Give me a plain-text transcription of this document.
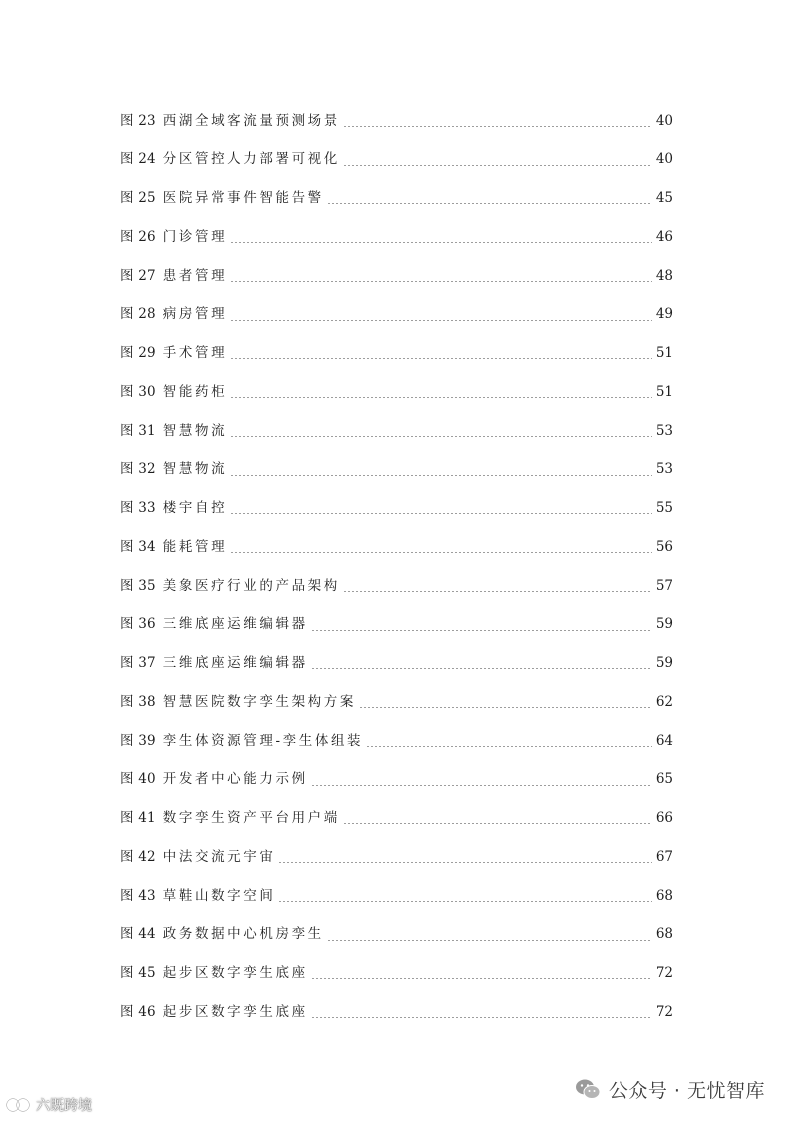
图 23 西湖全域客流量预测场景	40
图 24 分区管控人力部署可视化	40
图 25 医院异常事件智能告警	45
图 26 门诊管理	46
图 27 患者管理	48
图 28 病房管理	49
图 29 手术管理	51
图 30 智能药柜	51
图 31 智慧物流	53
图 32 智慧物流	53
图 33 楼宇自控	55
图 34 能耗管理	56
图 35 美象医疗行业的产品架构	57
图 36 三维底座运维编辑器	59
图 37 三维底座运维编辑器	59
图 38 智慧医院数字孪生架构方案	62
图 39 孪生体资源管理-孪生体组装	64
图 40 开发者中心能力示例	65
图 41 数字孪生资产平台用户端	66
图 42 中法交流元宇宙	67
图 43 草鞋山数字空间	68
图 44 政务数据中心机房孪生	68
图 45 起步区数字孪生底座	72
图 46 起步区数字孪生底座	72
公众号 · 无忧智库
六既跨境
